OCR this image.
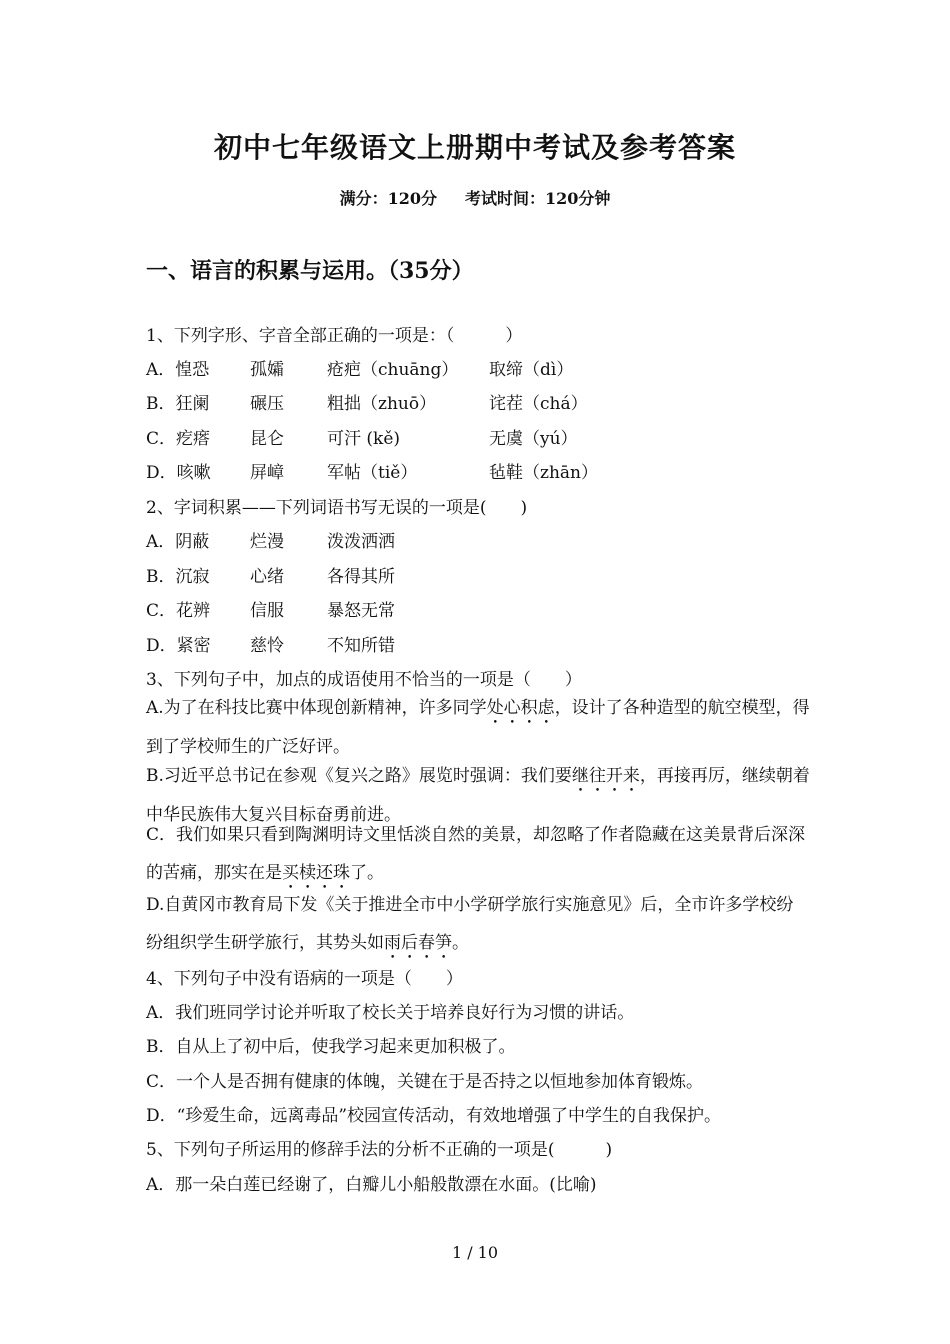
初中七年级语文上册期中考试及参考答案
满分：120分 考试时间：120分钟
一、语言的积累与运用。（35分）
1、下列字形、字音全部正确的一项是：（　　　）
A．惶恐 孤孀	疮疤（chuāng） 取缔（dì）
B．狂阑 碾压	粗拙（zhuō）	诧茬（chá）
C．疙瘩 昆仑	可汗 (kě)	无虞（yú）
D．咳嗽 屏嶂	军帖（tiě）	毡鞋（zhān）
2、字词积累——下列词语书写无误的一项是(　　)
A．阴蔽 烂漫	泼泼洒洒
B．沉寂 心绪	各得其所
C．花辨 信服	暴怒无常
D．紧密 慈怜	不知所错
3、下列句子中，加点的成语使用不恰当的一项是（　　）
A.为了在科技比赛中体现创新精神，许多同学处心积虑，设计了各种造型的航空模型，得到了学校师生的广泛好评。
B.习近平总书记在参观《复兴之路》展览时强调：我们要继往开来，再接再厉，继续朝着中华民族伟大复兴目标奋勇前进。
C．我们如果只看到陶渊明诗文里恬淡自然的美景，却忽略了作者隐藏在这美景背后深深的苦痛，那实在是买椟还珠了。
D.自黄冈市教育局下发《关于推进全市中小学研学旅行实施意见》后，全市许多学校纷纷组织学生研学旅行，其势头如雨后春笋。
4、下列句子中没有语病的一项是（　　）
A．我们班同学讨论并听取了校长关于培养良好行为习惯的讲话。
B．自从上了初中后，使我学习起来更加积极了。
C．一个人是否拥有健康的体魄，关键在于是否持之以恒地参加体育锻炼。
D．“珍爱生命，远离毒品”校园宣传活动，有效地增强了中学生的自我保护。
5、下列句子所运用的修辞手法的分析不正确的一项是(　　　)
A．那一朵白莲已经谢了，白瓣儿小船般散漂在水面。(比喻)
1 / 10
